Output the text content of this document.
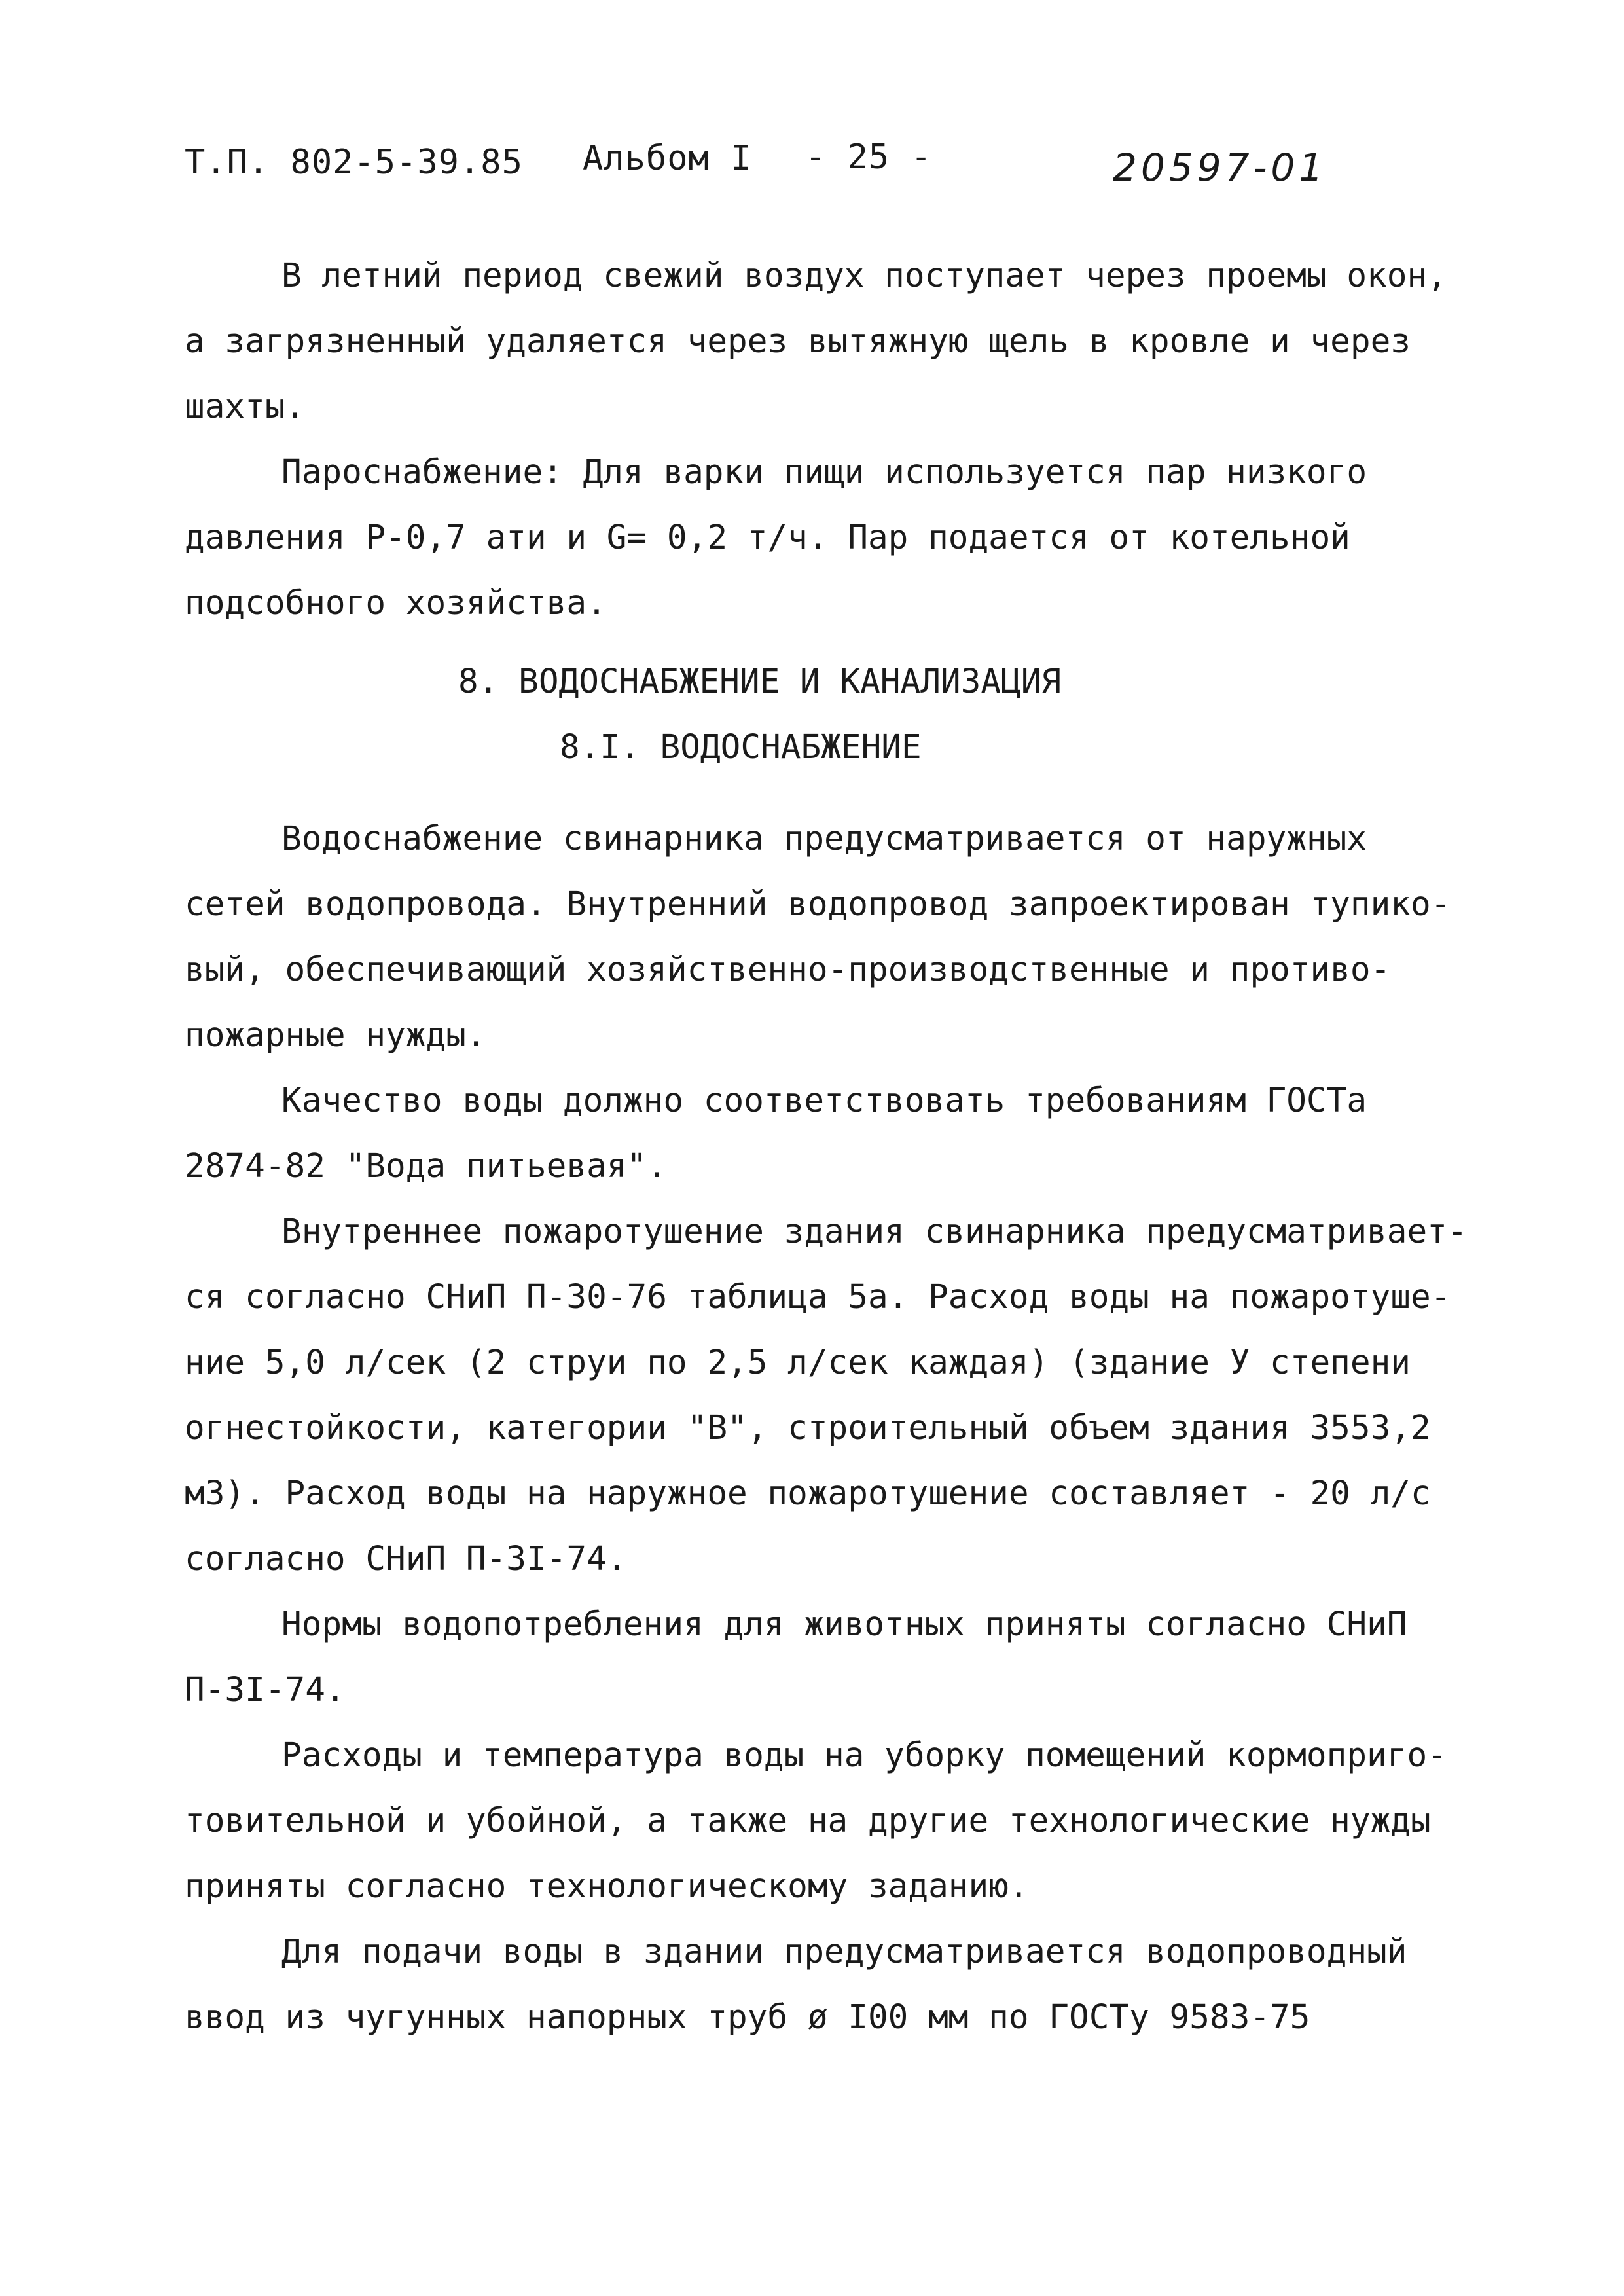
Т.П. 802-5-39.85 Альбом I - 25 -	20597-01
В летний период свежий воздух поступает через проемы окон,
а загрязненный удаляется через вытяжную щель в кровле и через
шахты.
Пароснабжение: Для варки пищи используется пар низкого
давления Р-0,7 ати и G= 0,2 т/ч. Пар подается от котельной
подсобного хозяйства.
8. ВОДОСНАБЖЕНИЕ И КАНАЛИЗАЦИЯ
8.I. ВОДОСНАБЖЕНИЕ
Водоснабжение свинарника предусматривается от наружных
сетей водопровода. Внутренний водопровод запроектирован тупико-
вый, обеспечивающий хозяйственно-производственные и противо-
пожарные нужды.
Качество воды должно соответствовать требованиям ГОСТа
2874-82 "Вода питьевая".
Внутреннее пожаротушение здания свинарника предусматривает-
ся согласно СНиП П-30-76 таблица 5а. Расход воды на пожаротуше-
ние 5,0 л/сек (2 струи по 2,5 л/сек каждая) (здание У степени
огнестойкости, категории "В", строительный объем здания 3553,2
м3). Расход воды на наружное пожаротушение составляет - 20 л/с
согласно СНиП П-3I-74.
Нормы водопотребления для животных приняты согласно СНиП
П-3I-74.
Расходы и температура воды на уборку помещений кормоприго-
товительной и убойной, а также на другие технологические нужды
приняты согласно технологическому заданию.
Для подачи воды в здании предусматривается водопроводный
ввод из чугунных напорных труб ø I00 мм по ГОСТу 9583-75
